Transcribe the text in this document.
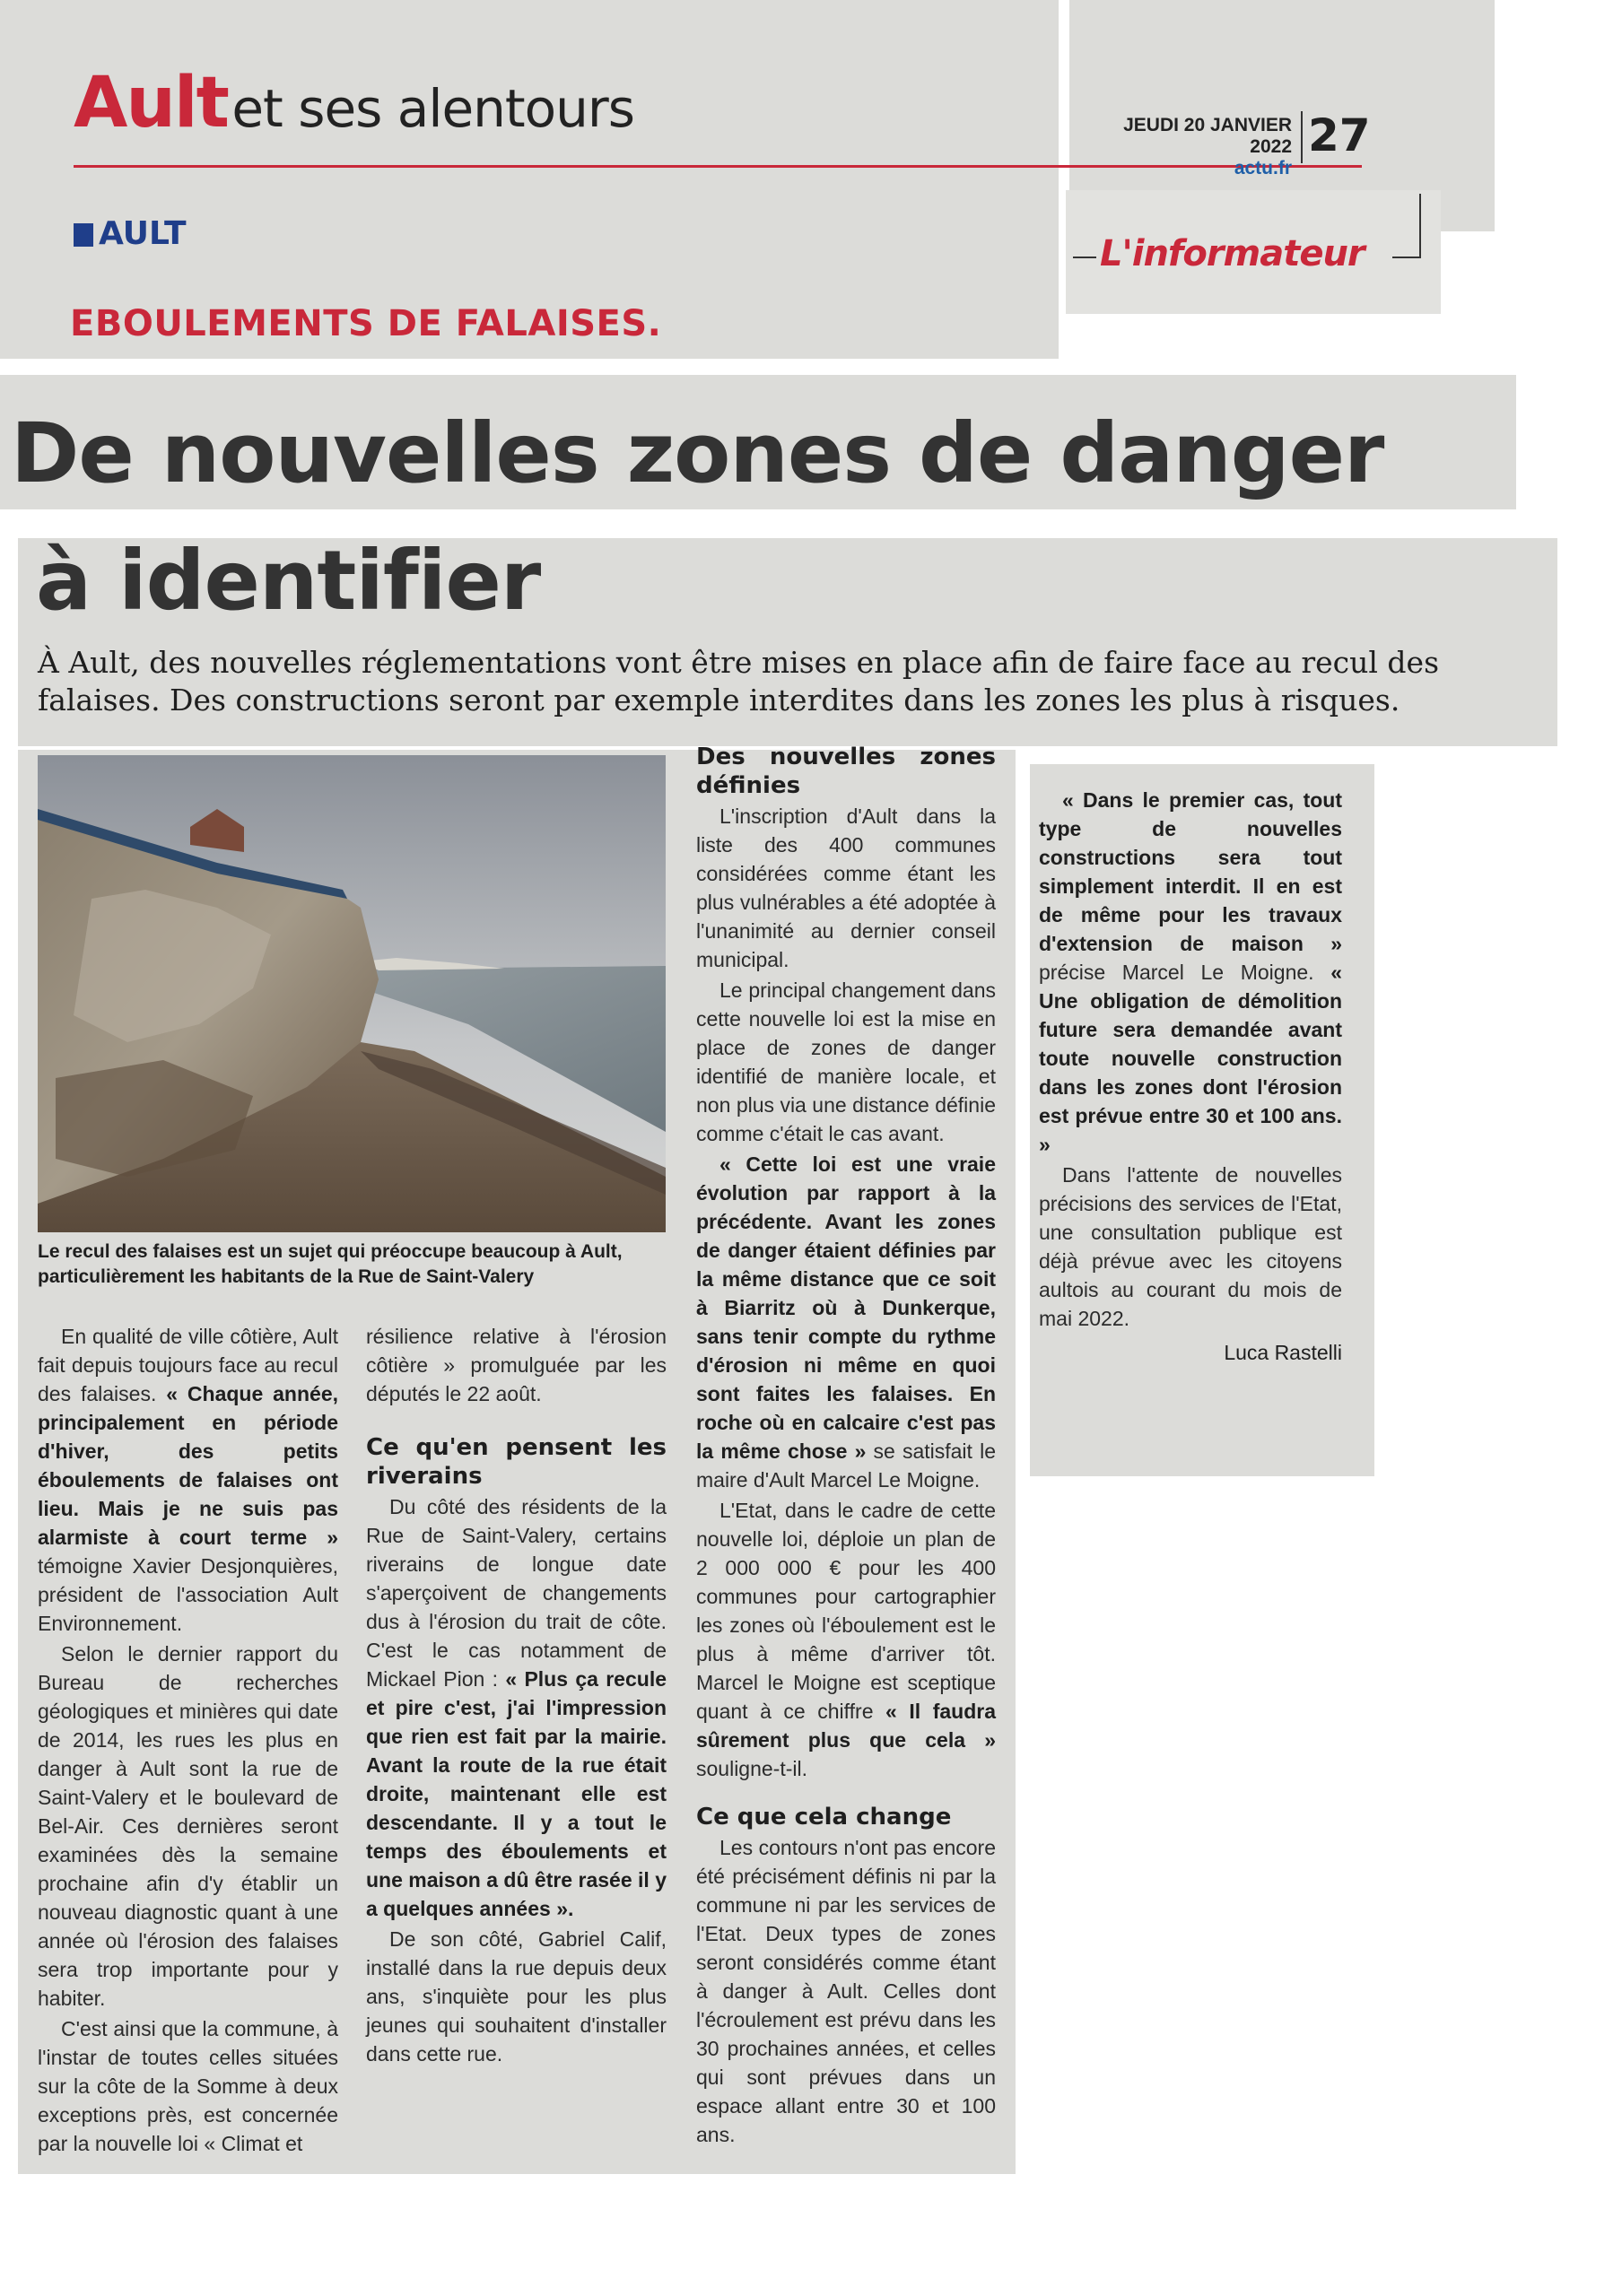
Ault et ses alentours	JEUDI 20 JANVIER 2022
actu.fr
27
L'informateur
AULT
EBOULEMENTS DE FALAISES.
De nouvelles zones de danger
à identifier
À Ault, des nouvelles réglementations vont être mises en place afin de faire face au recul des falaises. Des constructions seront par exemple interdites dans les zones les plus à risques.
Le recul des falaises est un sujet qui préoccupe beaucoup à Ault, particulièrement les habitants de la Rue de Saint-Valery

En qualité de ville côtière, Ault fait depuis toujours face au recul des falaises. « Chaque année, principalement en période d'hiver, des petits éboulements de falaises ont lieu. Mais je ne suis pas alarmiste à court terme » témoigne Xavier Desjonquières, président de l'association Ault Environnement.

Selon le dernier rapport du Bureau de recherches géologiques et minières qui date de 2014, les rues les plus en danger à Ault sont la rue de Saint-Valery et le boulevard de Bel-Air. Ces dernières seront examinées dès la semaine prochaine afin d'y établir un nouveau diagnostic quant à une année où l'érosion des falaises sera trop importante pour y habiter.

C'est ainsi que la commune, à l'instar de toutes celles situées sur la côte de la Somme à deux exceptions près, est concernée par la nouvelle loi « Climat et

résilience relative à l'érosion côtière » promulguée par les députés le 22 août.

Ce qu'en pensent les riverains

Du côté des résidents de la Rue de Saint-Valery, certains riverains de longue date s'aperçoivent de changements dus à l'érosion du trait de côte. C'est le cas notamment de Mickael Pion : « Plus ça recule et pire c'est, j'ai l'impression que rien est fait par la mairie. Avant la route de la rue était droite, maintenant elle est descendante. Il y a tout le temps des éboulements et une maison a dû être rasée il y a quelques années ».

De son côté, Gabriel Calif, installé dans la rue depuis deux ans, s'inquiète pour les plus jeunes qui souhaitent d'installer dans cette rue.

Des nouvelles zones définies

L'inscription d'Ault dans la liste des 400 communes considérées comme étant les plus vulnérables a été adoptée à l'unanimité au dernier conseil municipal.

Le principal changement dans cette nouvelle loi est la mise en place de zones de danger identifié de manière locale, et non plus via une distance définie comme c'était le cas avant.

« Cette loi est une vraie évolution par rapport à la précédente. Avant les zones de danger étaient définies par la même distance que ce soit à Biarritz où à Dunkerque, sans tenir compte du rythme d'érosion ni même en quoi sont faites les falaises. En roche où en calcaire c'est pas la même chose » se satisfait le maire d'Ault Marcel Le Moigne.

L'Etat, dans le cadre de cette nouvelle loi, déploie un plan de 2 000 000 € pour les 400 communes pour cartographier les zones où l'éboulement est le plus à même d'arriver tôt. Marcel le Moigne est sceptique quant à ce chiffre « Il faudra sûrement plus que cela » souligne-t-il.

Ce que cela change

Les contours n'ont pas encore été précisément définis ni par la commune ni par les services de l'Etat. Deux types de zones seront considérés comme étant à danger à Ault. Celles dont l'écroulement est prévu dans les 30 prochaines années, et celles qui sont prévues dans un espace allant entre 30 et 100 ans.

« Dans le premier cas, tout type de nouvelles constructions sera tout simplement interdit. Il en est de même pour les travaux d'extension de maison » précise Marcel Le Moigne. « Une obligation de démolition future sera demandée avant toute nouvelle construction dans les zones dont l'érosion est prévue entre 30 et 100 ans. »

Dans l'attente de nouvelles précisions des services de l'Etat, une consultation publique est déjà prévue avec les citoyens aultois au courant du mois de mai 2022.

Luca Rastelli
